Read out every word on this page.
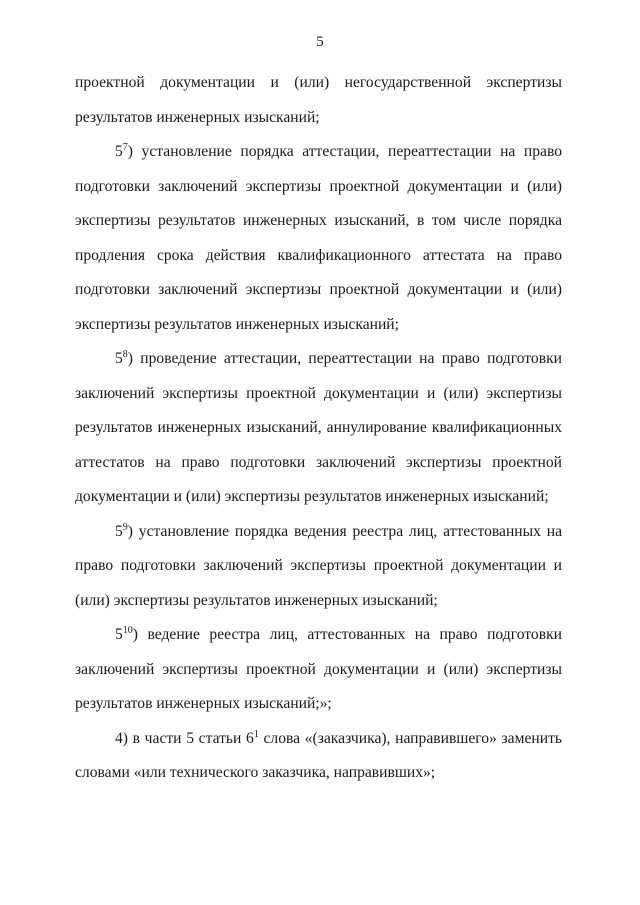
5

проектной документации и (или) негосударственной экспертизы результатов инженерных изысканий;

$5^7$) установление порядка аттестации, переаттестации на право подготовки заключений экспертизы проектной документации и (или) экспертизы результатов инженерных изысканий, в том числе порядка продления срока действия квалификационного аттестата на право подготовки заключений экспертизы проектной документации и (или) экспертизы результатов инженерных изысканий;

$5^8$) проведение аттестации, переаттестации на право подготовки заключений экспертизы проектной документации и (или) экспертизы результатов инженерных изысканий, аннулирование квалификационных аттестатов на право подготовки заключений экспертизы проектной документации и (или) экспертизы результатов инженерных изысканий;

$5^9$) установление порядка ведения реестра лиц, аттестованных на право подготовки заключений экспертизы проектной документации и (или) экспертизы результатов инженерных изысканий;

$5^{10}$) ведение реестра лиц, аттестованных на право подготовки заключений экспертизы проектной документации и (или) экспертизы результатов инженерных изысканий;»;

4) в части 5 статьи $6^1$ слова «(заказчика), направившего» заменить словами «или технического заказчика, направивших»;
